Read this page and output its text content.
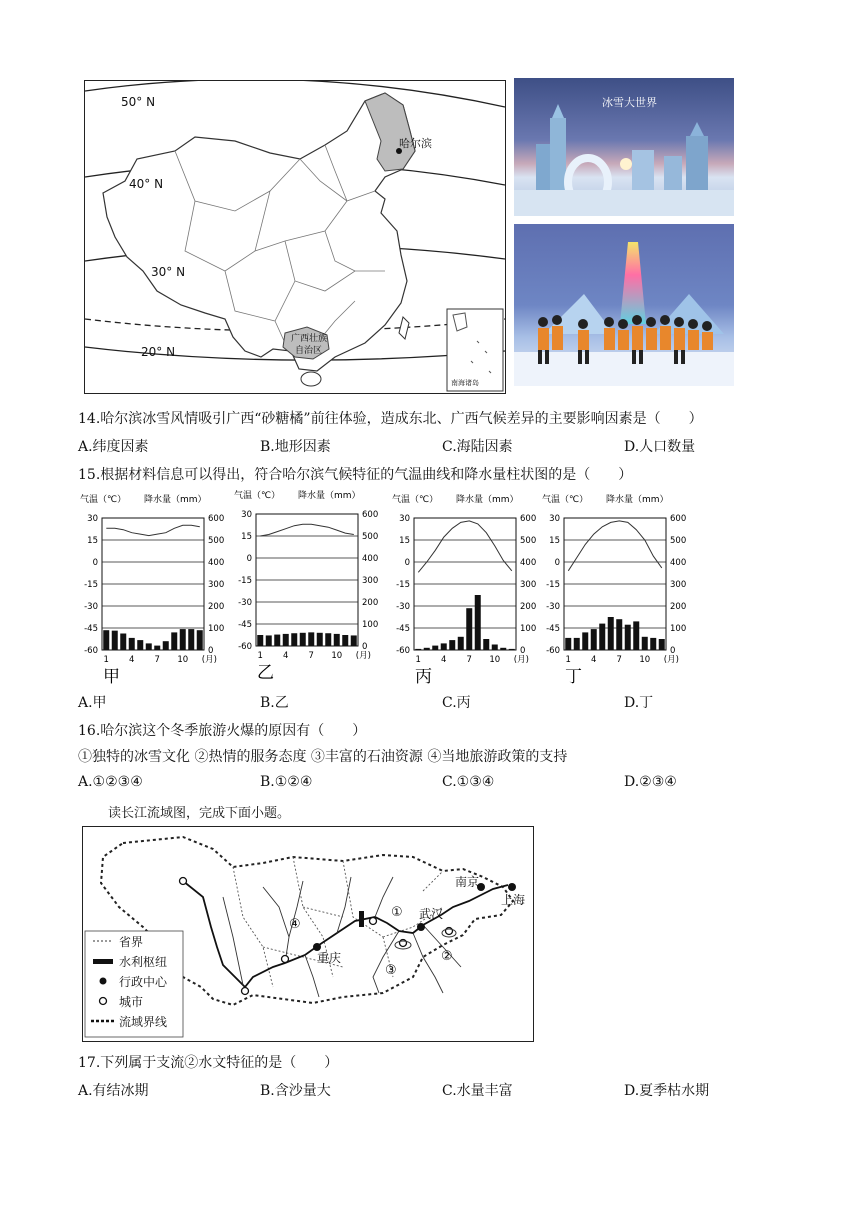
50° N
40° N
30° N
20° N
哈尔滨
广西壮族
自治区
南海诸岛
冰雪大世界
14.哈尔滨冰雪风情吸引广西“砂糖橘”前往体验，造成东北、广西气候差异的主要影响因素是（　　）
A.纬度因素	B.地形因素	C.海陆因素	D.人口数量
15.根据材料信息可以得出，符合哈尔滨气候特征的气温曲线和降水量柱状图的是（　　）
气温（℃） 降水量（mm）
30	600
15	500
0	400
-15	300
-30	200
-45	100
-60	0
1 4 7 10 (月)
甲
气温（℃） 降水量（mm）
30	600
15	500
0	400
-15	300
-30	200
-45	100
-60	0
1 4 7 10 (月)
乙
气温（℃） 降水量（mm）
30	600
15	500
0	400
-15	300
-30	200
-45	100
-60	0
1 4 7 10 (月)
丙
气温（℃） 降水量（mm）
30	600
15	500
0	400
-15	300
-30	200
-45	100
-60	0
1 4 7 10 (月)
丁
A.甲	B.乙	C.丙	D.丁
16.哈尔滨这个冬季旅游火爆的原因有（　　）
①独特的冰雪文化 ②热情的服务态度 ③丰富的石油资源 ④当地旅游政策的支持
A.①②③④	B.①②④	C.①③④	D.②③④
读长江流域图，完成下面小题。
省界
水利枢纽
行政中心
城市
流域界线
南京
上海
武汉
重庆
①
②
③
④
17.下列属于支流②水文特征的是（　　）
A.有结冰期	B.含沙量大	C.水量丰富	D.夏季枯水期
